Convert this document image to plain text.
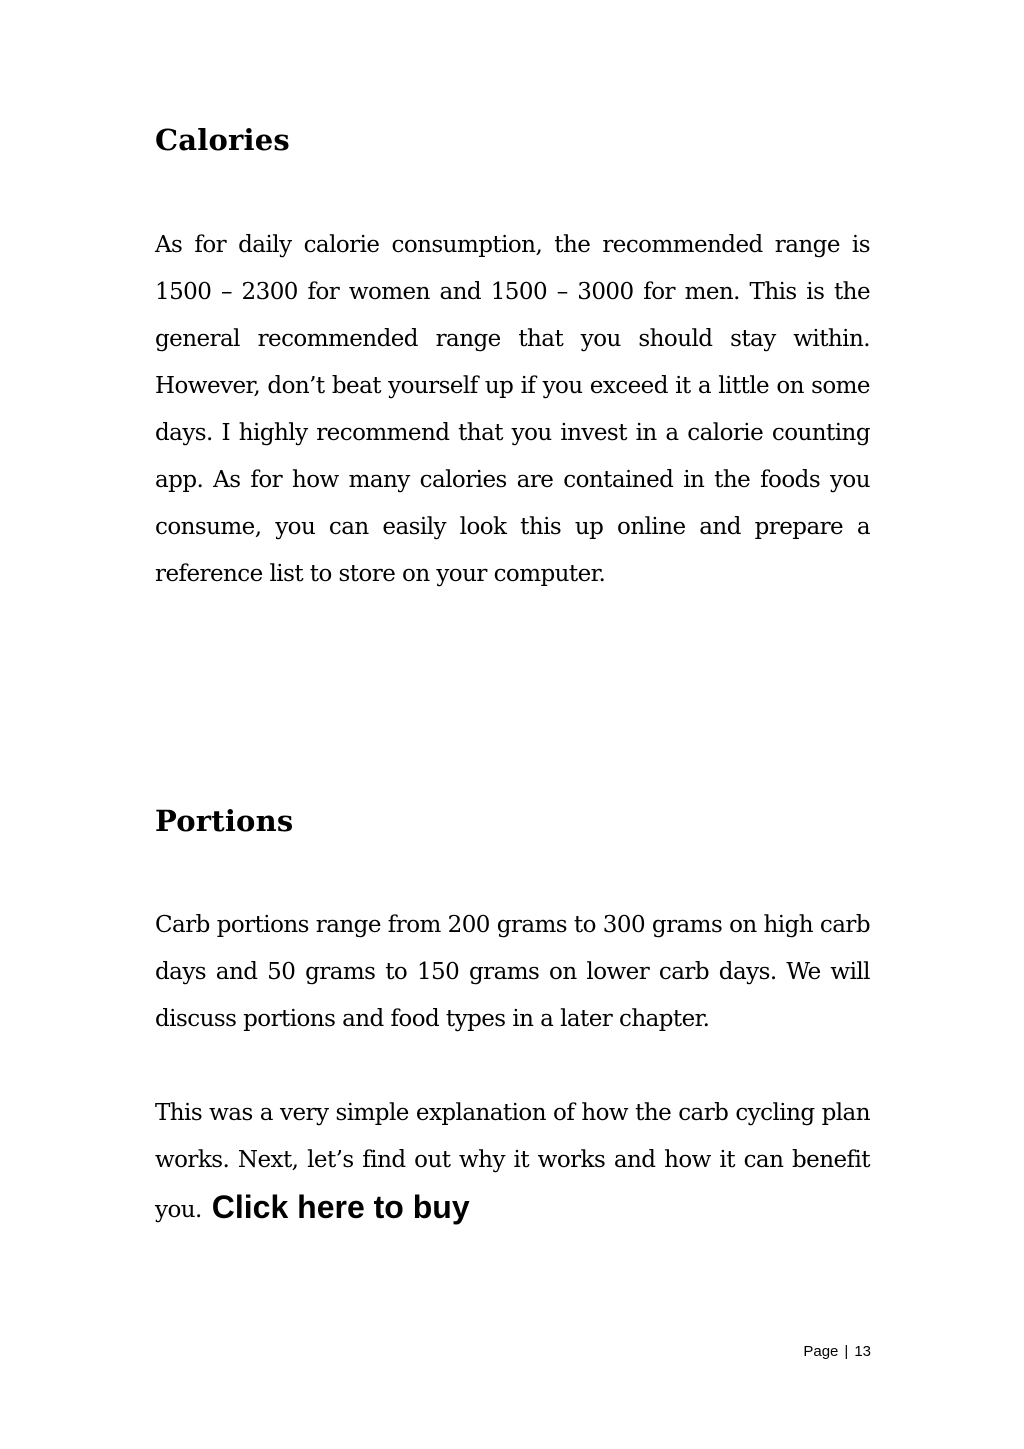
Calories

As for daily calorie consumption, the recommended range is 1500 – 2300 for women and 1500 – 3000 for men. This is the general recommended range that you should stay within. However, don’t beat yourself up if you exceed it a little on some days. I highly recommend that you invest in a calorie counting app. As for how many calories are contained in the foods you consume, you can easily look this up online and prepare a reference list to store on your computer.

Portions

Carb portions range from 200 grams to 300 grams on high carb days and 50 grams to 150 grams on lower carb days. We will discuss portions and food types in a later chapter.

This was a very simple explanation of how the carb cycling plan works. Next, let’s find out why it works and how it can benefit you. Click here to buy

Page | 13
